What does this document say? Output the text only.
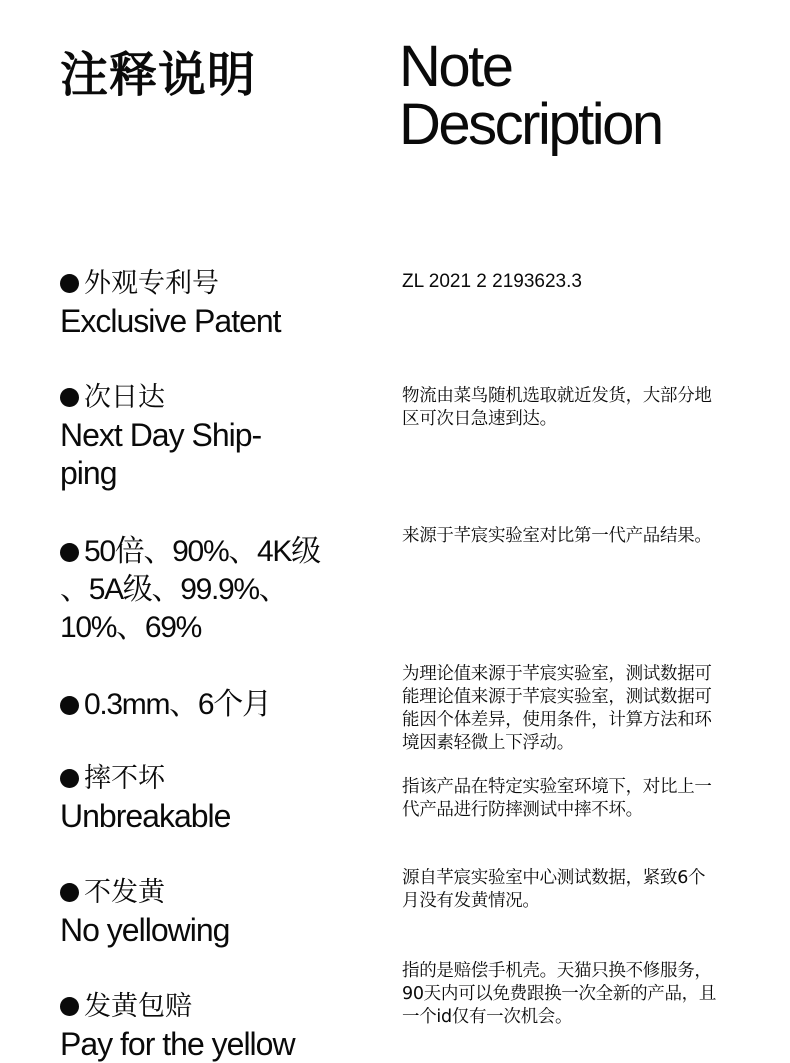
注释说明 Note
Description
外观专利号
Exclusive Patent
ZL 2021 2 2193623.3
次日达
Next Day Ship-
ping
物流由菜鸟随机选取就近发货，大部分地
区可次日急速到达。
50倍、90%、4K级
、5A级、99.9%、
10%、69%
来源于芊宸实验室对比第一代产品结果。
0.3mm、6个月
为理论值来源于芊宸实验室，测试数据可
能理论值来源于芊宸实验室，测试数据可
能因个体差异，使用条件，计算方法和环
境因素轻微上下浮动。
摔不坏
Unbreakable
指该产品在特定实验室环境下，对比上一
代产品进行防摔测试中摔不坏。
不发黄
No yellowing
源自芊宸实验室中心测试数据，紧致6个
月没有发黄情况。
发黄包赔
Pay for the yellow
指的是赔偿手机壳。天猫只换不修服务，
90天内可以免费跟换一次全新的产品，且
一个id仅有一次机会。
